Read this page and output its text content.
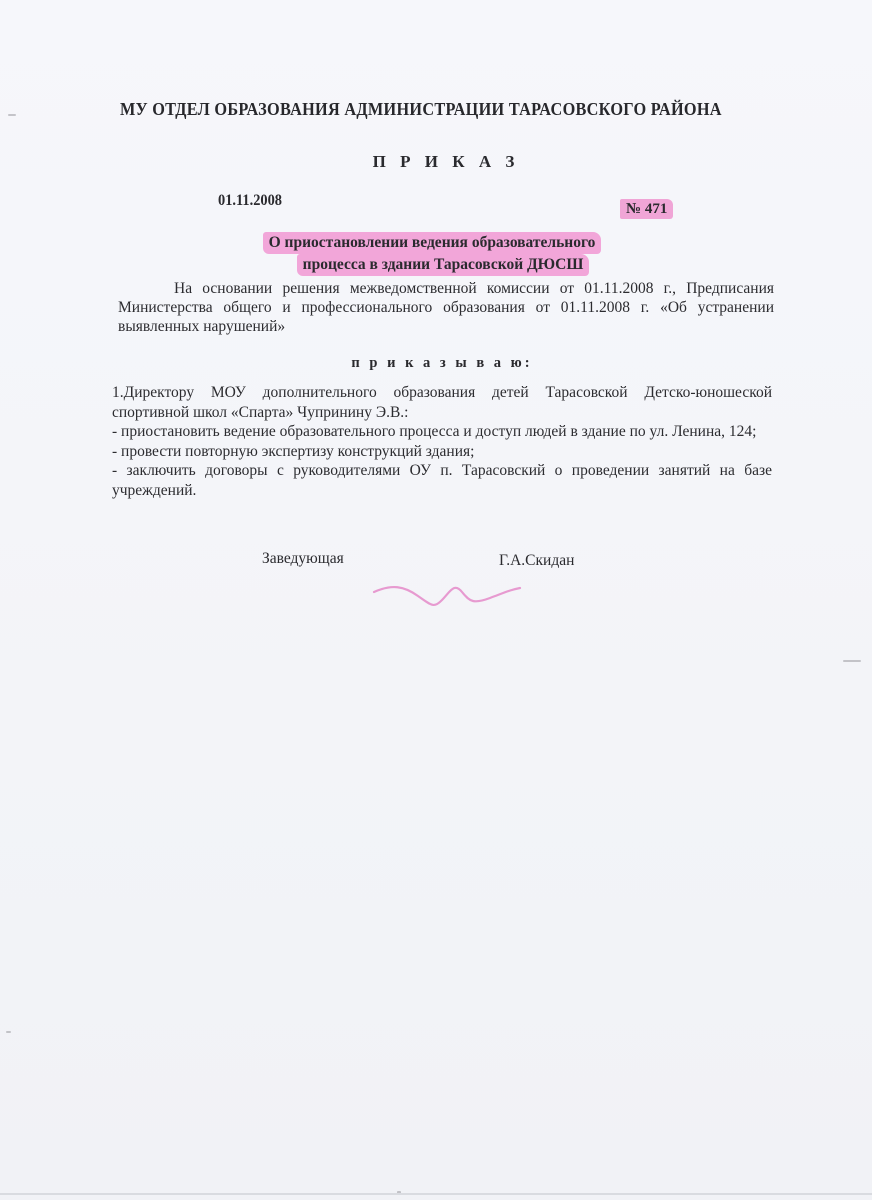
МУ ОТДЕЛ ОБРАЗОВАНИЯ АДМИНИСТРАЦИИ ТАРАСОВСКОГО РАЙОНА
П Р И К А З
01.11.2008	№ 471
О приостановлении ведения образовательного
процесса в здании Тарасовской ДЮСШ
На основании решения межведомственной комиссии от 01.11.2008 г., Предписания Министерства общего и профессионального образования от 01.11.2008 г. «Об устранении выявленных нарушений»
п р и к а з ы в а ю:
1.Директору МОУ дополнительного образования детей Тарасовской Детско-юношеской спортивной школ «Спарта» Чупринину Э.В.:
- приостановить ведение образовательного процесса и доступ людей в здание по ул. Ленина, 124;
- провести повторную экспертизу конструкций здания;
- заключить договоры с руководителями ОУ п. Тарасовский о проведении занятий на базе учреждений.
Заведующая	Г.А.Скидан
